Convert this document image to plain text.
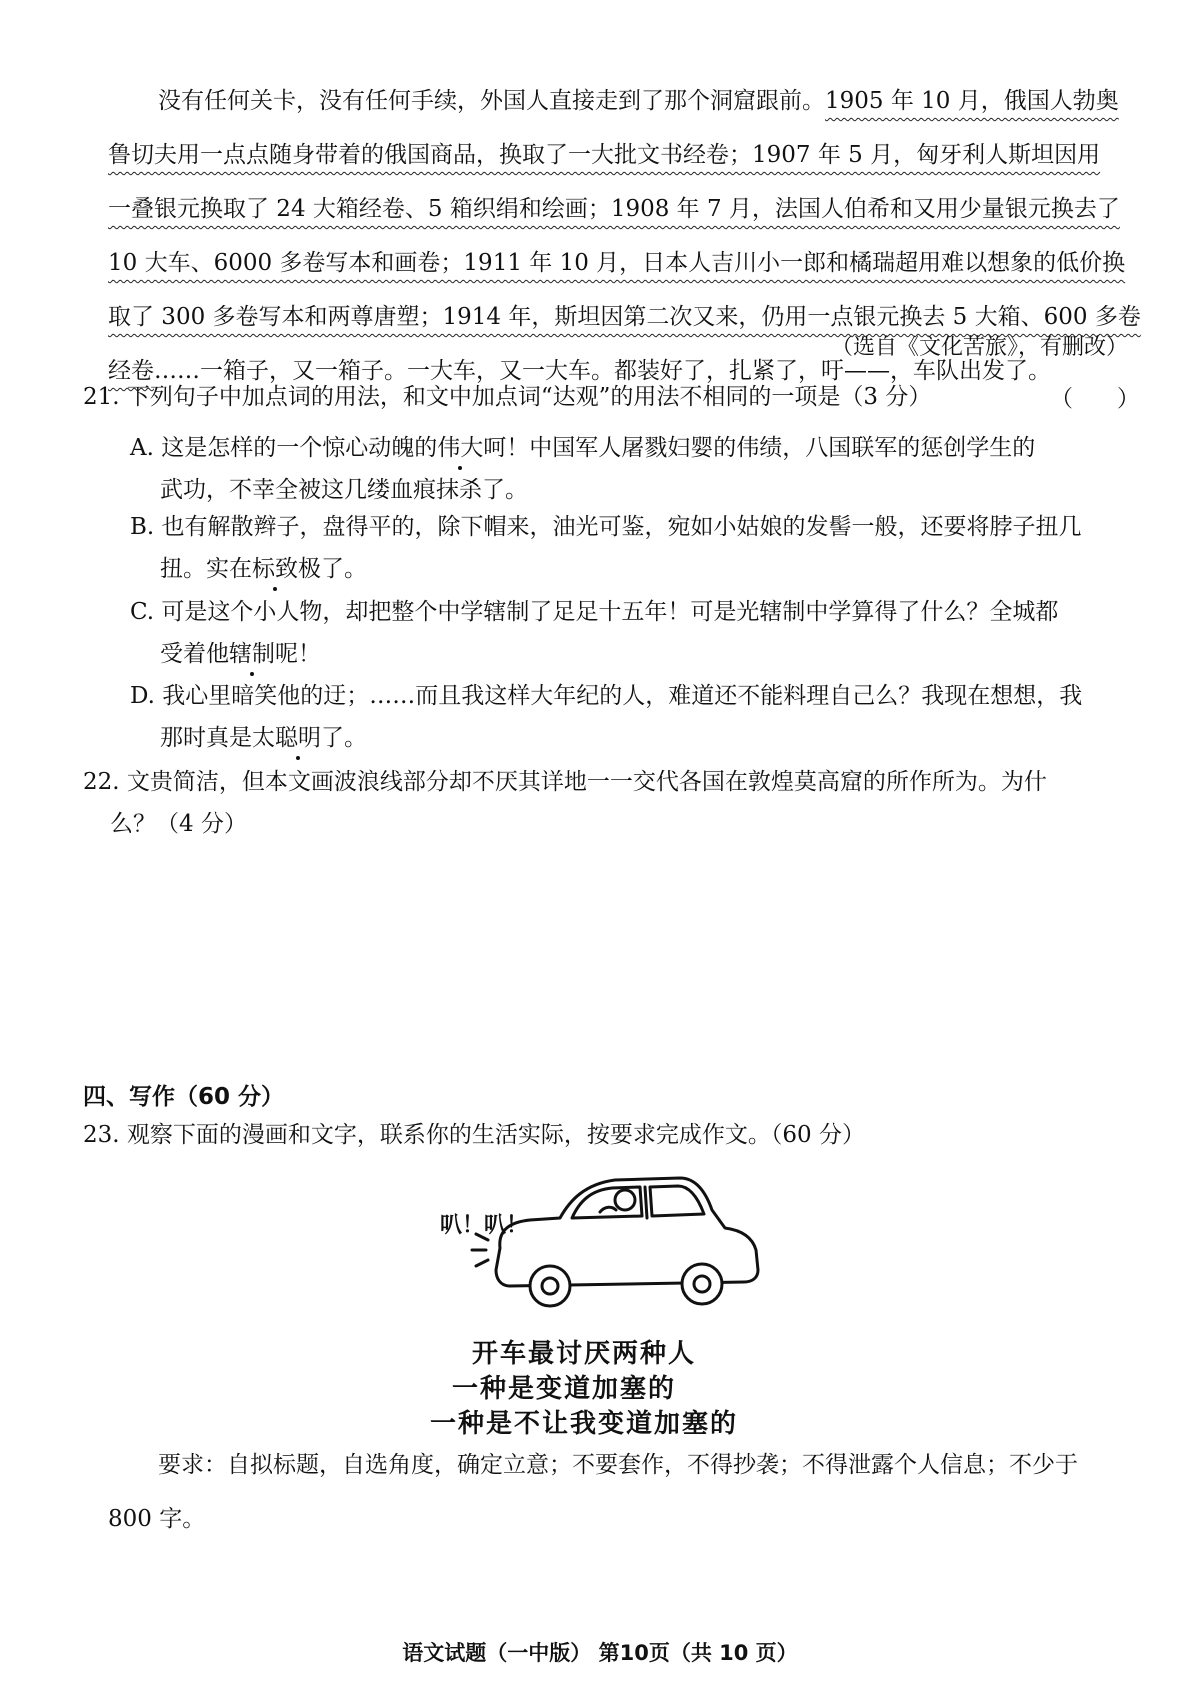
没有任何关卡，没有任何手续，外国人直接走到了那个洞窟跟前。1905 年 10 月，俄国人勃奥
鲁切夫用一点点随身带着的俄国商品，换取了一大批文书经卷；1907 年 5 月，匈牙利人斯坦因用
一叠银元换取了 24 大箱经卷、5 箱织绢和绘画；1908 年 7 月，法国人伯希和又用少量银元换去了
10 大车、6000 多卷写本和画卷；1911 年 10 月，日本人吉川小一郎和橘瑞超用难以想象的低价换
取了 300 多卷写本和两尊唐塑；1914 年，斯坦因第二次又来，仍用一点银元换去 5 大箱、600 多卷
经卷……一箱子，又一箱子。一大车，又一大车。都装好了，扎紧了，吁——，车队出发了。
（选自《文化苦旅》，有删改）
21. 下列句子中加点词的用法，和文中加点词“达观”的用法不相同的一项是（3 分）	（      ）
A. 这是怎样的一个惊心动魄的伟大呵！中国军人屠戮妇婴的伟绩，八国联军的惩创学生的
武功，不幸全被这几缕血痕抹杀了。
B. 也有解散辫子，盘得平的，除下帽来，油光可鉴，宛如小姑娘的发髻一般，还要将脖子扭几
扭。实在标致极了。
C. 可是这个小人物，却把整个中学辖制了足足十五年！可是光辖制中学算得了什么？全城都
受着他辖制呢！
D. 我心里暗笑他的迂；……而且我这样大年纪的人，难道还不能料理自己么？我现在想想，我
那时真是太聪明了。
22. 文贵简洁，但本文画波浪线部分却不厌其详地一一交代各国在敦煌莫高窟的所作所为。为什
么？（4 分）
四、写作（60 分）
23. 观察下面的漫画和文字，联系你的生活实际，按要求完成作文。（60 分）
叭！叭！
开车最讨厌两种人
一种是变道加塞的
一种是不让我变道加塞的
要求：自拟标题，自选角度，确定立意；不要套作，不得抄袭；不得泄露个人信息；不少于
800 字。
语文试题（一中版） 第10页（共 10 页）
